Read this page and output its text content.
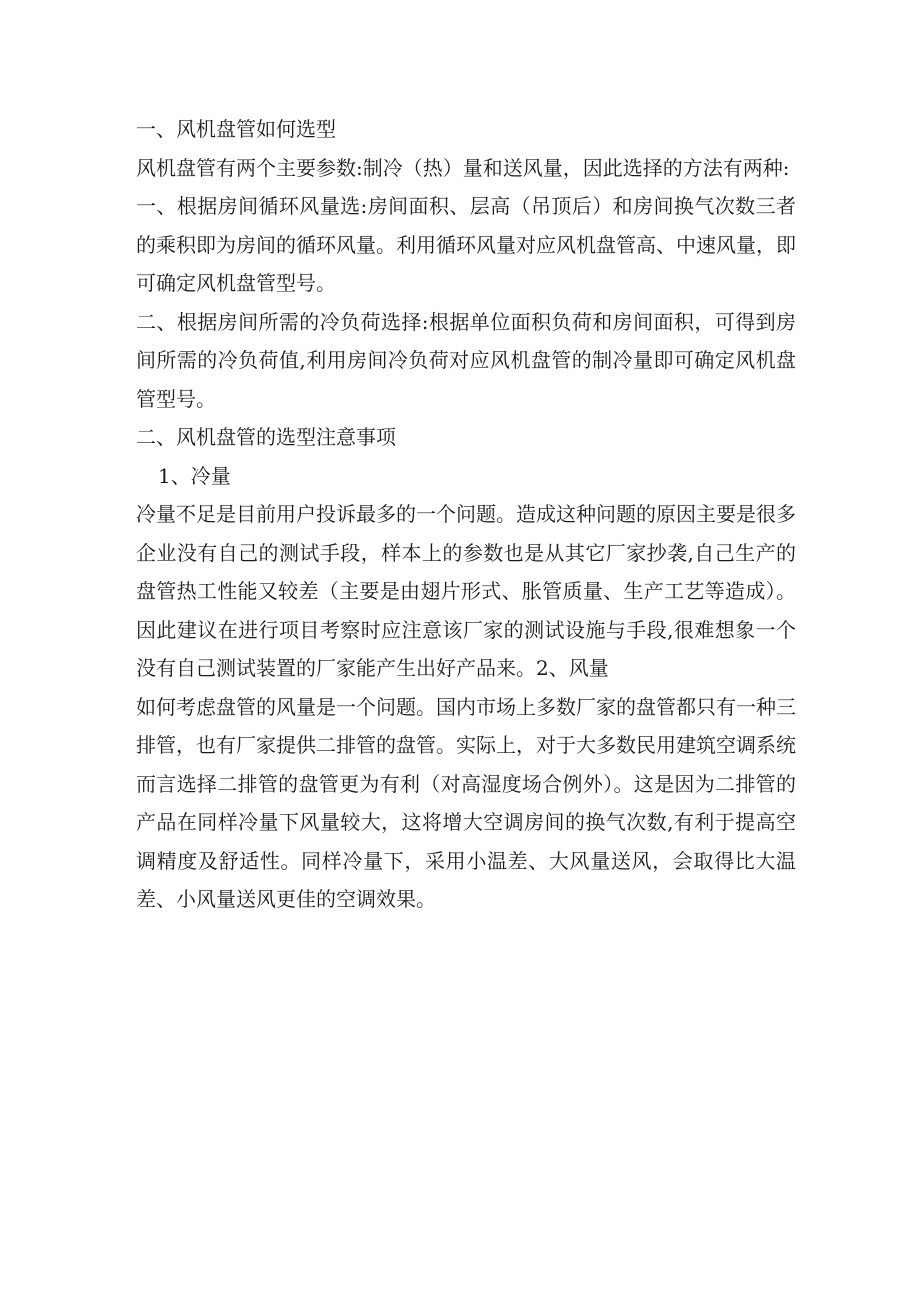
一、风机盘管如何选型

风机盘管有两个主要参数:制冷（热）量和送风量，因此选择的方法有两种:

一、根据房间循环风量选:房间面积、层高（吊顶后）和房间换气次数三者的乘积即为房间的循环风量。利用循环风量对应风机盘管高、中速风量，即可确定风机盘管型号。

二、根据房间所需的冷负荷选择:根据单位面积负荷和房间面积，可得到房间所需的冷负荷值,利用房间冷负荷对应风机盘管的制冷量即可确定风机盘管型号。

二、风机盘管的选型注意事项

1、冷量

冷量不足是目前用户投诉最多的一个问题。造成这种问题的原因主要是很多企业没有自己的测试手段，样本上的参数也是从其它厂家抄袭,自己生产的盘管热工性能又较差（主要是由翅片形式、胀管质量、生产工艺等造成）。因此建议在进行项目考察时应注意该厂家的测试设施与手段,很难想象一个没有自己测试装置的厂家能产生出好产品来。2、风量

如何考虑盘管的风量是一个问题。国内市场上多数厂家的盘管都只有一种三排管，也有厂家提供二排管的盘管。实际上，对于大多数民用建筑空调系统而言选择二排管的盘管更为有利（对高湿度场合例外）。这是因为二排管的产品在同样冷量下风量较大，这将增大空调房间的换气次数,有利于提高空调精度及舒适性。同样冷量下，采用小温差、大风量送风，会取得比大温差、小风量送风更佳的空调效果。
